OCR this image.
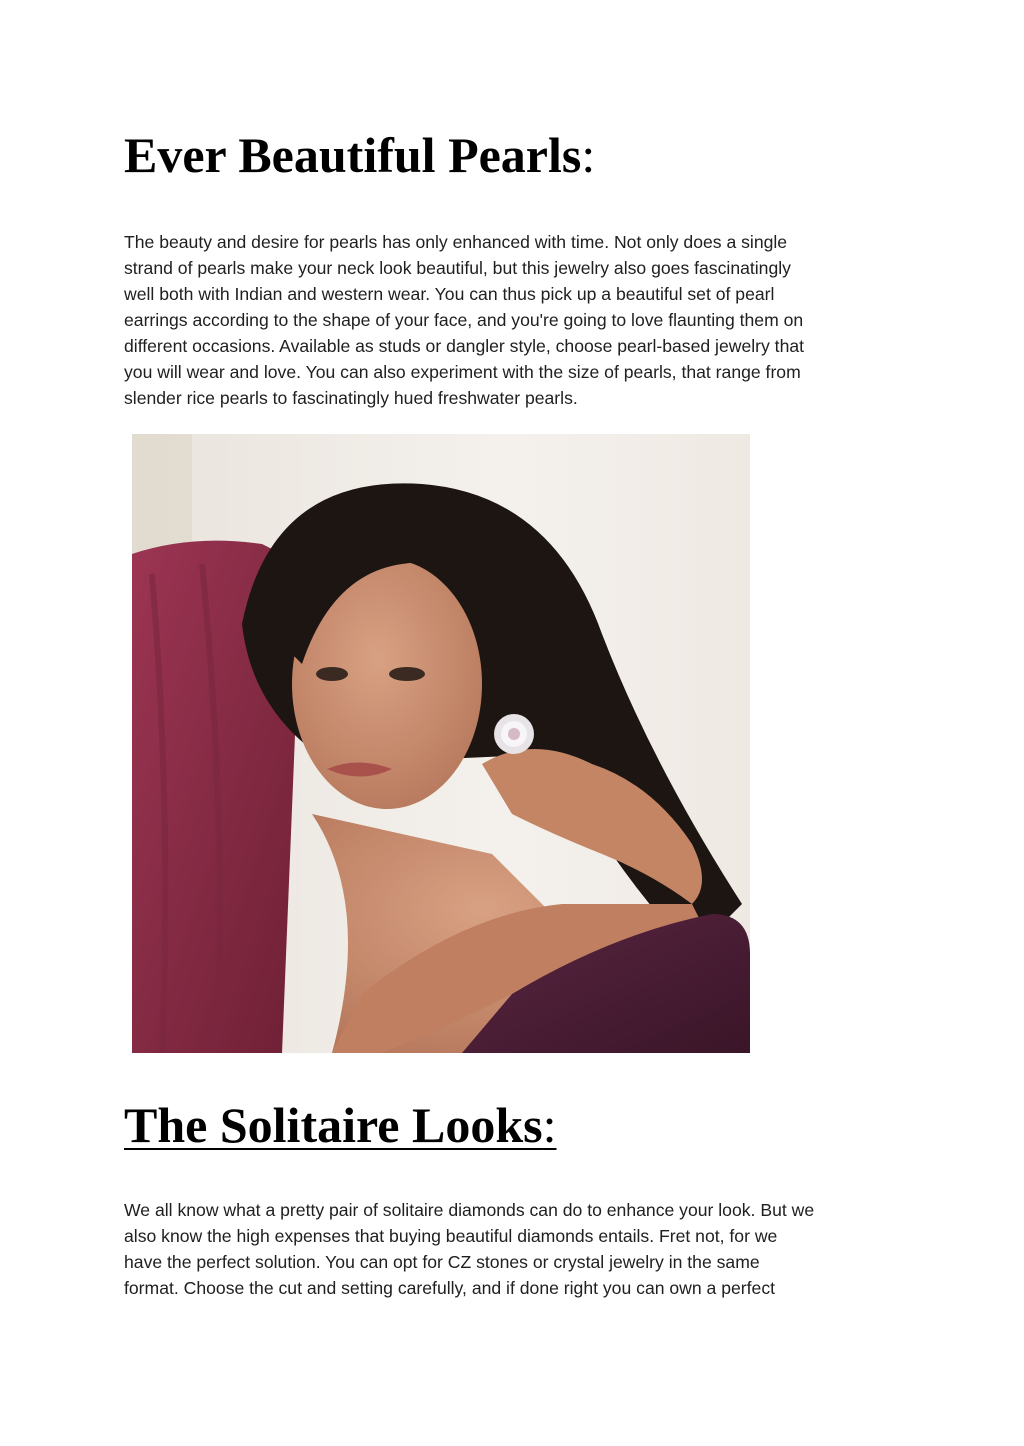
Ever Beautiful Pearls:

The beauty and desire for pearls has only enhanced with time. Not only does a single
strand of pearls make your neck look beautiful, but this jewelry also goes fascinatingly
well both with Indian and western wear. You can thus pick up a beautiful set of pearl
earrings according to the shape of your face, and you're going to love flaunting them on
different occasions. Available as studs or dangler style, choose pearl-based jewelry that
you will wear and love. You can also experiment with the size of pearls, that range from
slender rice pearls to fascinatingly hued freshwater pearls.

The Solitaire Looks:

We all know what a pretty pair of solitaire diamonds can do to enhance your look. But we
also know the high expenses that buying beautiful diamonds entails. Fret not, for we
have the perfect solution. You can opt for CZ stones or crystal jewelry in the same
format. Choose the cut and setting carefully, and if done right you can own a perfect
